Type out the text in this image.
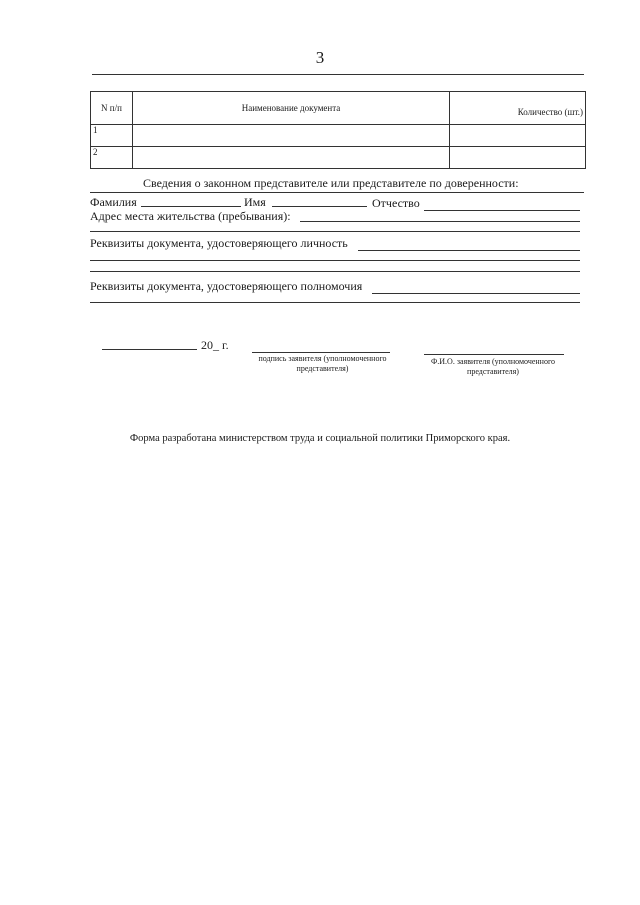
3
N п/п	Наименование документа	Количество (шт.)
1		
2		
Сведения о законном представителе или представителе по доверенности:
Фамилия	Имя	Отчество
Адрес места жительства (пребывания):
Реквизиты документа, удостоверяющего личность
Реквизиты документа, удостоверяющего полномочия
20_ г.
подпись заявителя (уполномоченного представителя)
Ф.И.О. заявителя (уполномоченного представителя)
Форма разработана министерством труда и социальной политики Приморского края.
